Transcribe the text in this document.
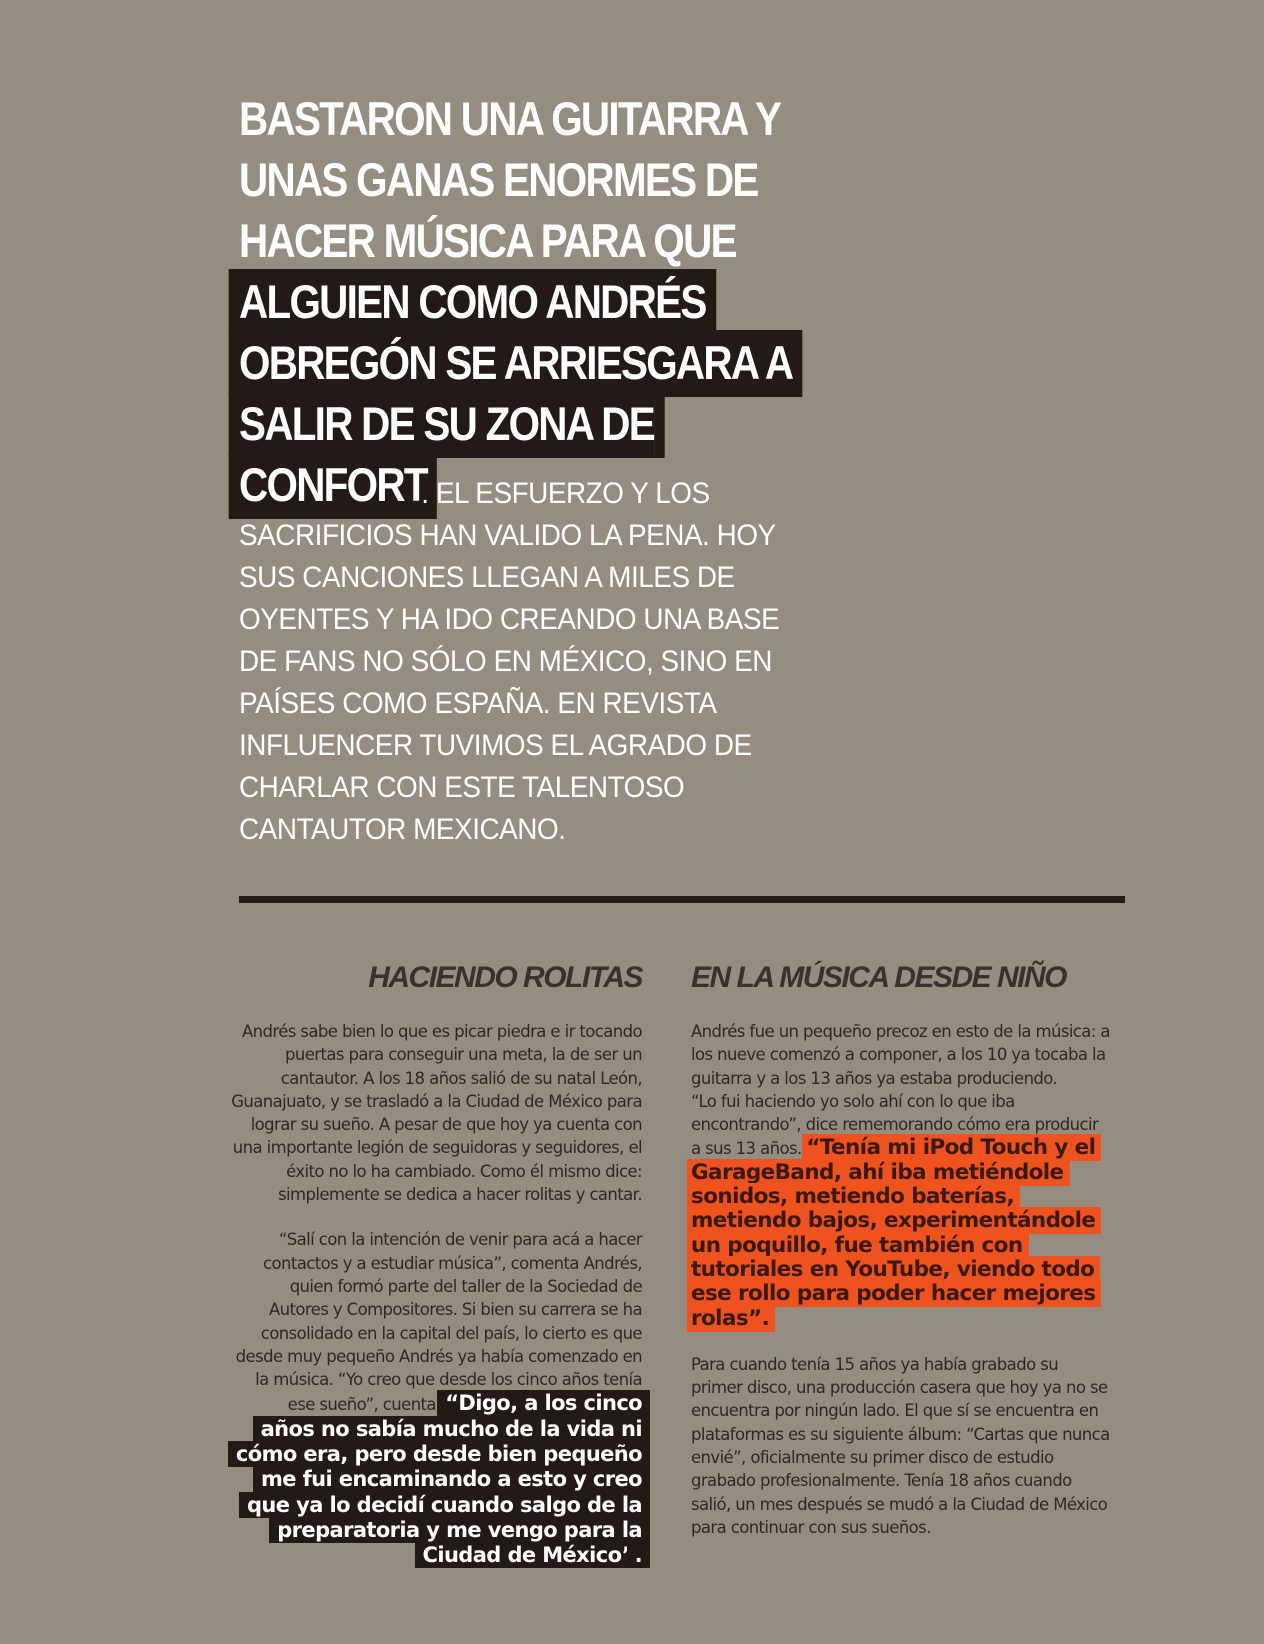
BASTARON UNA GUITARRA Y
UNAS GANAS ENORMES DE
HACER MÚSICA PARA QUE
ALGUIEN COMO ANDRÉS
OBREGÓN SE ARRIESGARA A
SALIR DE SU ZONA DE
CONFORT
. EL ESFUERZO Y LOS
SACRIFICIOS HAN VALIDO LA PENA. HOY
SUS CANCIONES LLEGAN A MILES DE
OYENTES Y HA IDO CREANDO UNA BASE
DE FANS NO SÓLO EN MÉXICO, SINO EN
PAÍSES COMO ESPAÑA. EN REVISTA
INFLUENCER TUVIMOS EL AGRADO DE
CHARLAR CON ESTE TALENTOSO
CANTAUTOR MEXICANO.
HACIENDO ROLITAS

Andrés sabe bien lo que es picar piedra e ir tocando puertas para conseguir una meta, la de ser un cantautor. A los 18 años salió de su natal León, Guanajuato, y se trasladó a la Ciudad de México para lograr su sueño. A pesar de que hoy ya cuenta con una importante legión de seguidoras y seguidores, el éxito no lo ha cambiado. Como él mismo dice: simplemente se dedica a hacer rolitas y cantar.

“Salí con la intención de venir para acá a hacer contactos y a estudiar música”, comenta Andrés, quien formó parte del taller de la Sociedad de Autores y Compositores. Si bien su carrera se ha consolidado en la capital del país, lo cierto es que desde muy pequeño Andrés ya había comenzado en la música. “Yo creo que desde los cinco años tenía ese sueño”, cuenta. “Digo, a los cinco años no sabía mucho de la vida ni cómo era, pero desde bien pequeño me fui encaminando a esto y creo que ya lo decidí cuando salgo de la preparatoria y me vengo para la Ciudad de México”.

EN LA MÚSICA DESDE NIÑO

Andrés fue un pequeño precoz en esto de la música: a los nueve comenzó a componer, a los 10 ya tocaba la guitarra y a los 13 años ya estaba produciendo.

“Lo fui haciendo yo solo ahí con lo que iba encontrando”, dice rememorando cómo era producir a sus 13 años. “Tenía mi iPod Touch y el GarageBand, ahí iba metiéndole sonidos, metiendo baterías, metiendo bajos, experimentándole un poquillo, fue también con tutoriales en YouTube, viendo todo ese rollo para poder hacer mejores rolas”.

Para cuando tenía 15 años ya había grabado su primer disco, una producción casera que hoy ya no se encuentra por ningún lado. El que sí se encuentra en plataformas es su siguiente álbum: “Cartas que nunca envié”, oficialmente su primer disco de estudio grabado profesionalmente. Tenía 18 años cuando salió, un mes después se mudó a la Ciudad de México para continuar con sus sueños.
